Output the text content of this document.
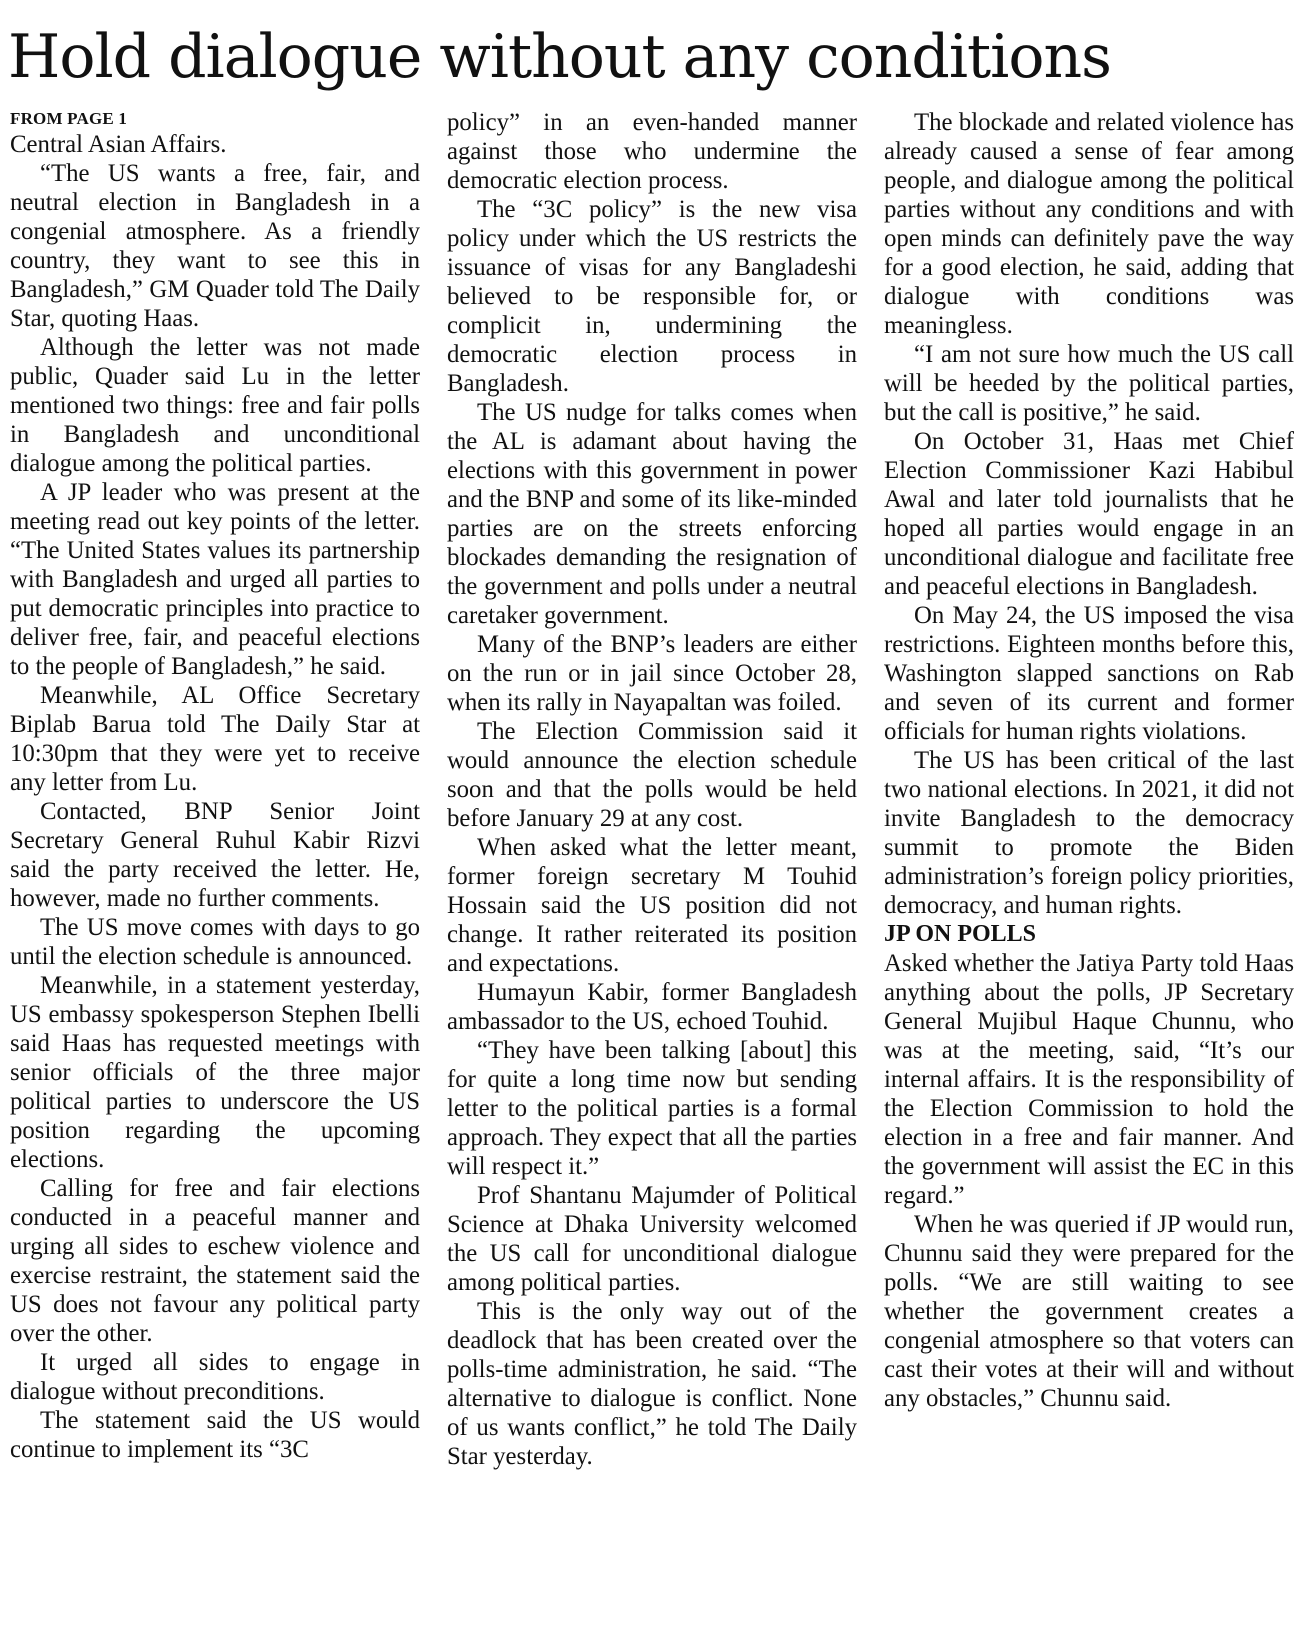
Hold dialogue without any conditions
FROM PAGE 1

Central Asian Affairs.

“The US wants a free, fair, and neutral election in Bangladesh in a congenial atmosphere. As a friendly country, they want to see this in Bangladesh,” GM Quader told The Daily Star, quoting Haas.

Although the letter was not made public, Quader said Lu in the letter mentioned two things: free and fair polls in Bangladesh and unconditional dialogue among the political parties.

A JP leader who was present at the meeting read out key points of the letter. “The United States values its partnership with Bangladesh and urged all parties to put democratic principles into practice to deliver free, fair, and peaceful elections to the people of Bangladesh,” he said.

Meanwhile, AL Office Secretary Biplab Barua told The Daily Star at 10:30pm that they were yet to receive any letter from Lu.

Contacted, BNP Senior Joint Secretary General Ruhul Kabir Rizvi said the party received the letter. He, however, made no further comments.

The US move comes with days to go until the election schedule is announced.

Meanwhile, in a statement yesterday, US embassy spokesperson Stephen Ibelli said Haas has requested meetings with senior officials of the three major political parties to underscore the US position regarding the upcoming elections.

Calling for free and fair elections conducted in a peaceful manner and urging all sides to eschew violence and exercise restraint, the statement said the US does not favour any political party over the other.

It urged all sides to engage in dialogue without preconditions.

The statement said the US would continue to implement its “3C

policy” in an even-handed manner against those who undermine the democratic election process.

The “3C policy” is the new visa policy under which the US restricts the issuance of visas for any Bangladeshi believed to be responsible for, or complicit in, undermining the democratic election process in Bangladesh.

The US nudge for talks comes when the AL is adamant about having the elections with this government in power and the BNP and some of its like-minded parties are on the streets enforcing blockades demanding the resignation of the government and polls under a neutral caretaker government.

Many of the BNP’s leaders are either on the run or in jail since October 28, when its rally in Nayapaltan was foiled.

The Election Commission said it would announce the election schedule soon and that the polls would be held before January 29 at any cost.

When asked what the letter meant, former foreign secretary M Touhid Hossain said the US position did not change. It rather reiterated its position and expectations.

Humayun Kabir, former Bangladesh ambassador to the US, echoed Touhid.

“They have been talking [about] this for quite a long time now but sending letter to the political parties is a formal approach. They expect that all the parties will respect it.”

Prof Shantanu Majumder of Political Science at Dhaka University welcomed the US call for unconditional dialogue among political parties.

This is the only way out of the deadlock that has been created over the polls-time administration, he said. “The alternative to dialogue is conflict. None of us wants conflict,” he told The Daily Star yesterday.

The blockade and related violence has already caused a sense of fear among people, and dialogue among the political parties without any conditions and with open minds can definitely pave the way for a good election, he said, adding that dialogue with conditions was meaningless.

“I am not sure how much the US call will be heeded by the political parties, but the call is positive,” he said.

On October 31, Haas met Chief Election Commissioner Kazi Habibul Awal and later told journalists that he hoped all parties would engage in an unconditional dialogue and facilitate free and peaceful elections in Bangladesh.

On May 24, the US imposed the visa restrictions. Eighteen months before this, Washington slapped sanctions on Rab and seven of its current and former officials for human rights violations.

The US has been critical of the last two national elections. In 2021, it did not invite Bangladesh to the democracy summit to promote the Biden administration’s foreign policy priorities, democracy, and human rights.

JP ON POLLS

Asked whether the Jatiya Party told Haas anything about the polls, JP Secretary General Mujibul Haque Chunnu, who was at the meeting, said, “It’s our internal affairs. It is the responsibility of the Election Commission to hold the election in a free and fair manner. And the government will assist the EC in this regard.”

When he was queried if JP would run, Chunnu said they were prepared for the polls. “We are still waiting to see whether the government creates a congenial atmosphere so that voters can cast their votes at their will and without any obstacles,” Chunnu said.
